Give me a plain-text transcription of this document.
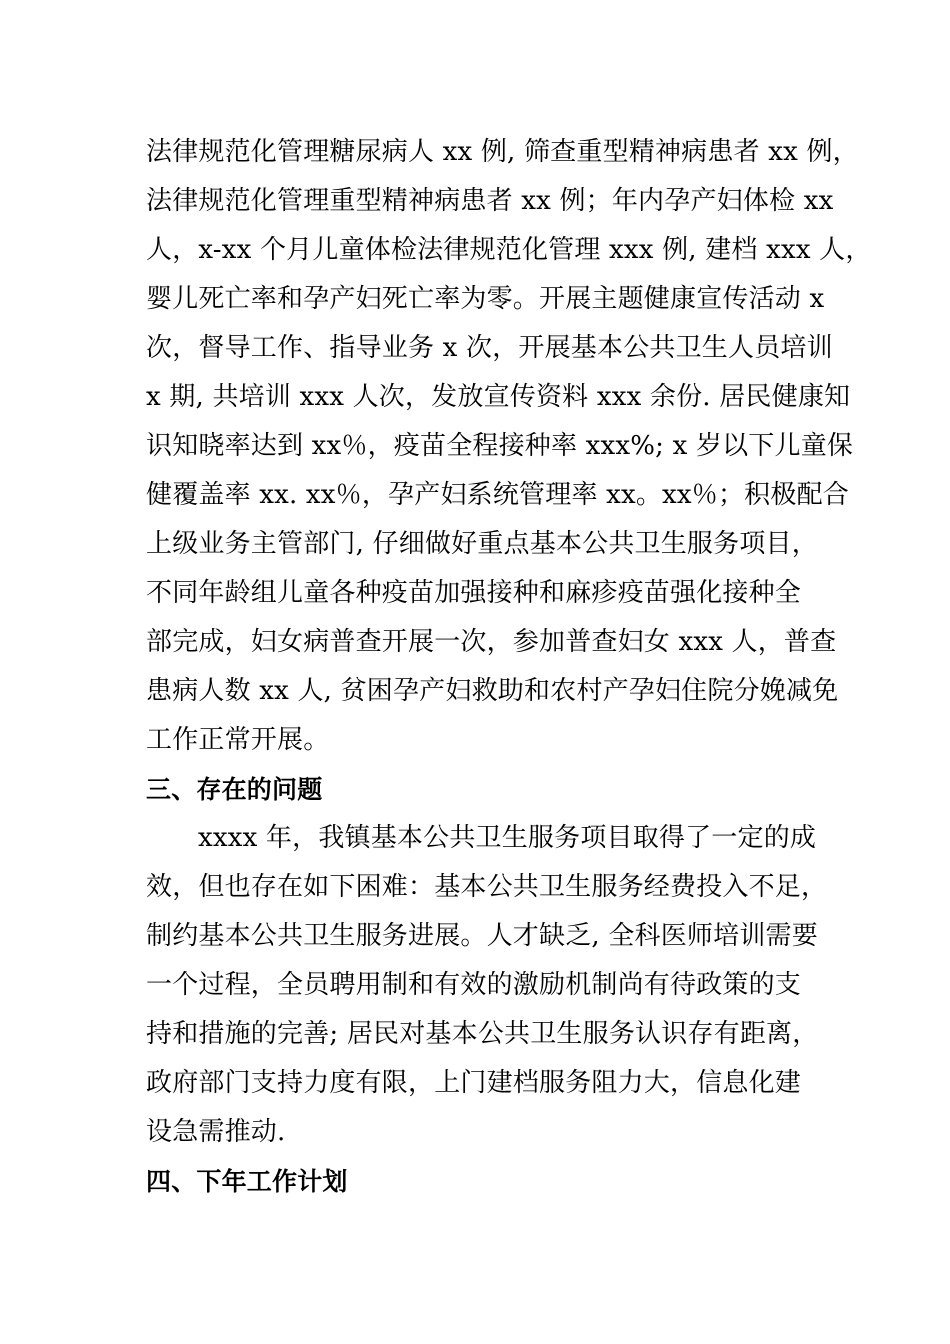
法律规范化管理糖尿病人 xx 例, 筛查重型精神病患者 xx 例，
法律规范化管理重型精神病患者 xx 例；年内孕产妇体检 xx
人，x-xx 个月儿童体检法律规范化管理 xxx 例, 建档 xxx 人，
婴儿死亡率和孕产妇死亡率为零。开展主题健康宣传活动 x
次，督导工作、指导业务 x 次，开展基本公共卫生人员培训
x 期, 共培训 xxx 人次，发放宣传资料 xxx 余份. 居民健康知
识知晓率达到 xx％，疫苗全程接种率 xxx%; x 岁以下儿童保
健覆盖率 xx. xx％，孕产妇系统管理率 xx。xx％；积极配合
上级业务主管部门, 仔细做好重点基本公共卫生服务项目，
不同年龄组儿童各种疫苗加强接种和麻疹疫苗强化接种全
部完成，妇女病普查开展一次，参加普查妇女 xxx 人，普查
患病人数 xx 人, 贫困孕产妇救助和农村产孕妇住院分娩减免
工作正常开展。
三、存在的问题
xxxx 年，我镇基本公共卫生服务项目取得了一定的成
效，但也存在如下困难：基本公共卫生服务经费投入不足，
制约基本公共卫生服务进展。人才缺乏, 全科医师培训需要
一个过程，全员聘用制和有效的激励机制尚有待政策的支
持和措施的完善; 居民对基本公共卫生服务认识存有距离，
政府部门支持力度有限，上门建档服务阻力大，信息化建
设急需推动.
四、下年工作计划
